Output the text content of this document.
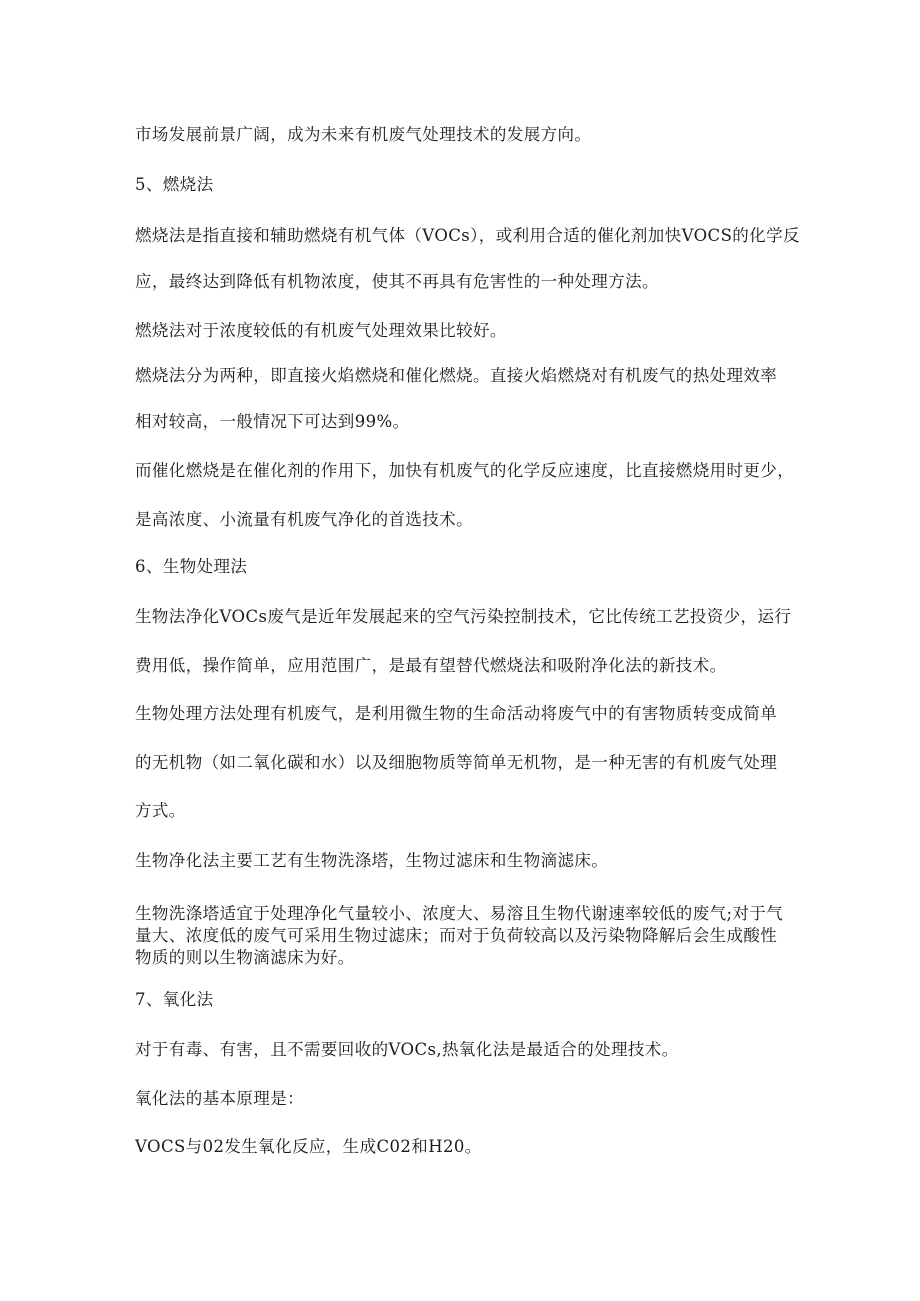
市场发展前景广阔，成为未来有机废气处理技术的发展方向。

5、燃烧法

燃烧法是指直接和辅助燃烧有机气体（VOCs），或利用合适的催化剂加快VOCS的化学反

应，最终达到降低有机物浓度，使其不再具有危害性的一种处理方法。

燃烧法对于浓度较低的有机废气处理效果比较好。

燃烧法分为两种，即直接火焰燃烧和催化燃烧。直接火焰燃烧对有机废气的热处理效率

相对较高，一般情况下可达到99%。

而催化燃烧是在催化剂的作用下，加快有机废气的化学反应速度，比直接燃烧用时更少，

是高浓度、小流量有机废气净化的首选技术。

6、生物处理法

生物法净化VOCs废气是近年发展起来的空气污染控制技术，它比传统工艺投资少，运行

费用低，操作简单，应用范围广，是最有望替代燃烧法和吸附净化法的新技术。

生物处理方法处理有机废气，是利用微生物的生命活动将废气中的有害物质转变成简单

的无机物（如二氧化碳和水）以及细胞物质等简单无机物，是一种无害的有机废气处理

方式。

生物净化法主要工艺有生物洗涤塔，生物过滤床和生物滴滤床。

生物洗涤塔适宜于处理净化气量较小、浓度大、易溶且生物代谢速率较低的废气;对于气

量大、浓度低的废气可采用生物过滤床；而对于负荷较高以及污染物降解后会生成酸性

物质的则以生物滴滤床为好。

7、氧化法

对于有毒、有害，且不需要回收的VOCs,热氧化法是最适合的处理技术。

氧化法的基本原理是：

VOCS与02发生氧化反应，生成C02和H20。
